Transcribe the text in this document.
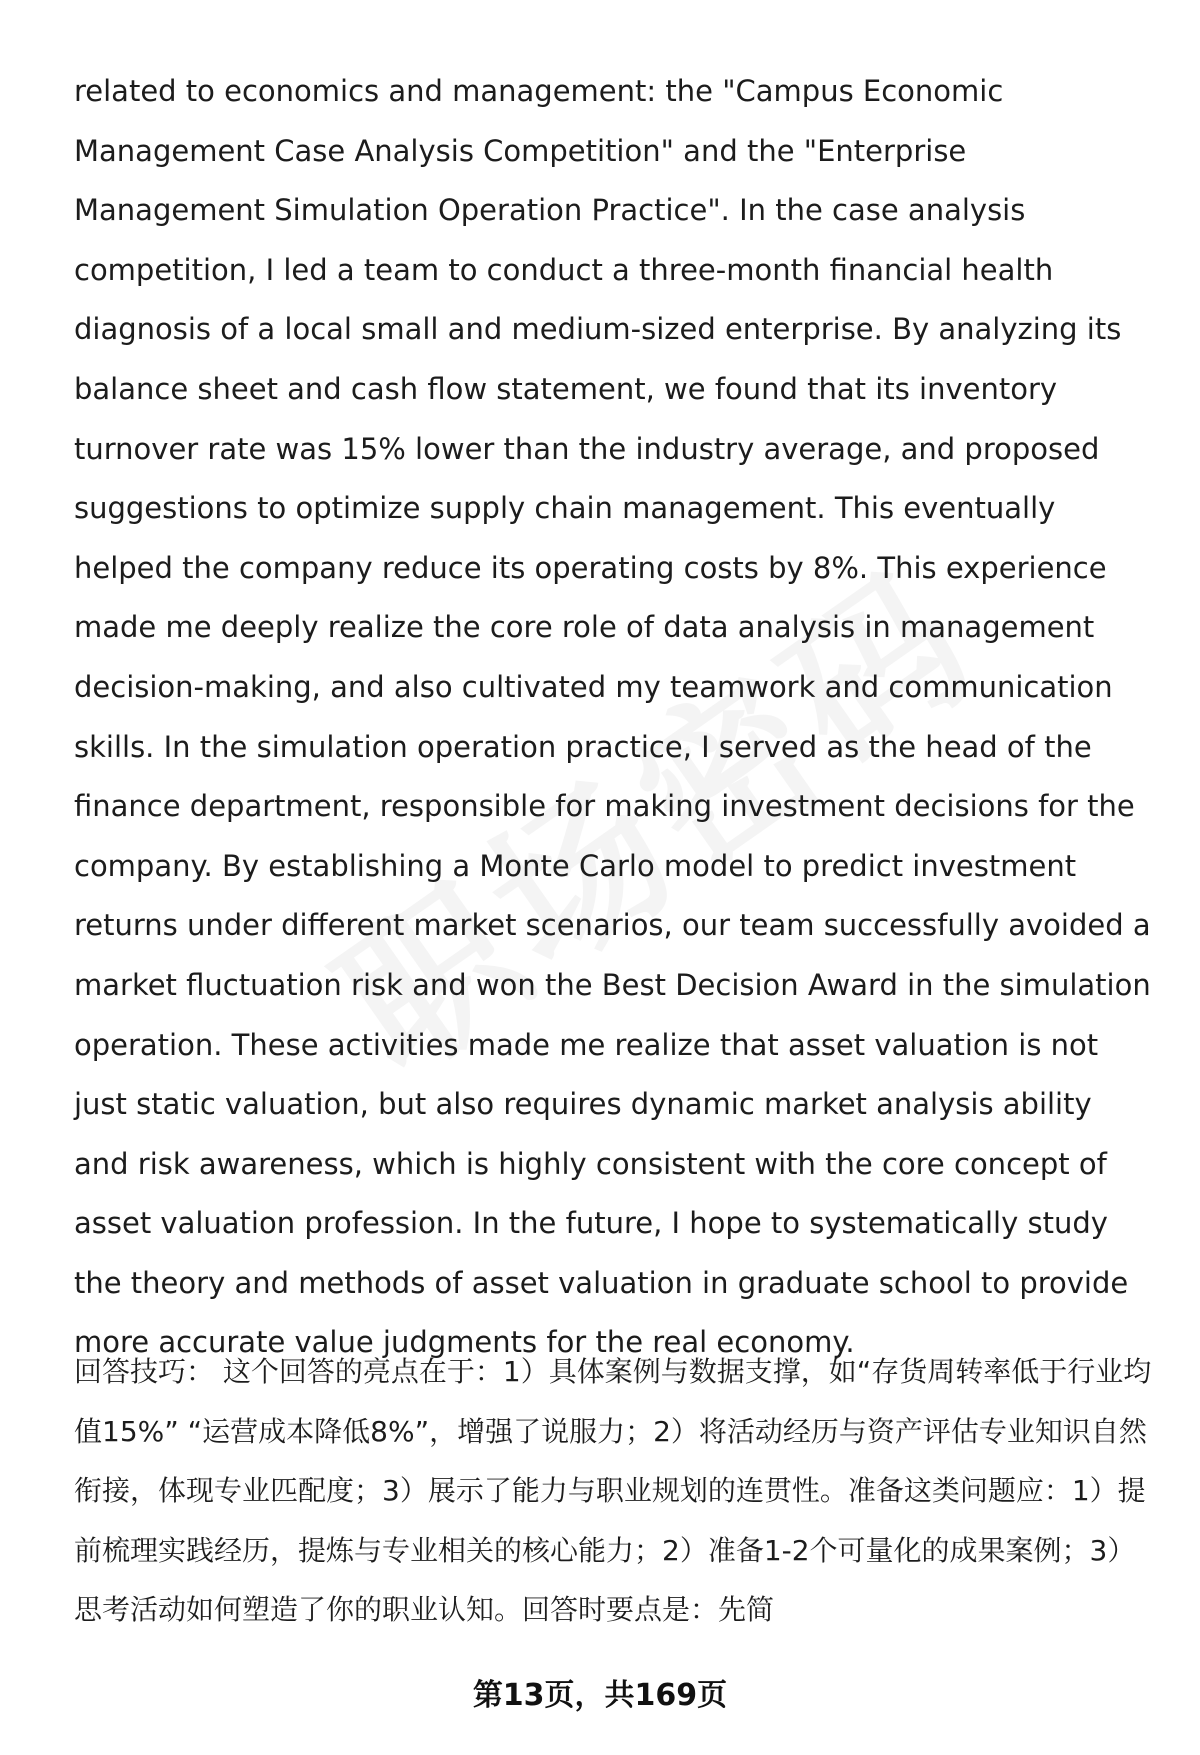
related to economics and management: the "Campus Economic Management Case Analysis Competition" and the "Enterprise Management Simulation Operation Practice". In the case analysis competition, I led a team to conduct a three-month financial health diagnosis of a local small and medium-sized enterprise. By analyzing its balance sheet and cash flow statement, we found that its inventory turnover rate was 15% lower than the industry average, and proposed suggestions to optimize supply chain management. This eventually helped the company reduce its operating costs by 8%. This experience made me deeply realize the core role of data analysis in management decision-making, and also cultivated my teamwork and communication skills. In the simulation operation practice, I served as the head of the finance department, responsible for making investment decisions for the company. By establishing a Monte Carlo model to predict investment returns under different market scenarios, our team successfully avoided a market fluctuation risk and won the Best Decision Award in the simulation operation. These activities made me realize that asset valuation is not just static valuation, but also requires dynamic market analysis ability and risk awareness, which is highly consistent with the core concept of asset valuation profession. In the future, I hope to systematically study the theory and methods of asset valuation in graduate school to provide more accurate value judgments for the real economy.

回答技巧： 这个回答的亮点在于：1）具体案例与数据支撑，如“存货周转率低于行业均值15%” “运营成本降低8%”，增强了说服力；2）将活动经历与资产评估专业知识自然衔接，体现专业匹配度；3）展示了能力与职业规划的连贯性。准备这类问题应：1）提前梳理实践经历，提炼与专业相关的核心能力；2）准备1-2个可量化的成果案例；3）思考活动如何塑造了你的职业认知。回答时要点是：先简

第13页，共169页
